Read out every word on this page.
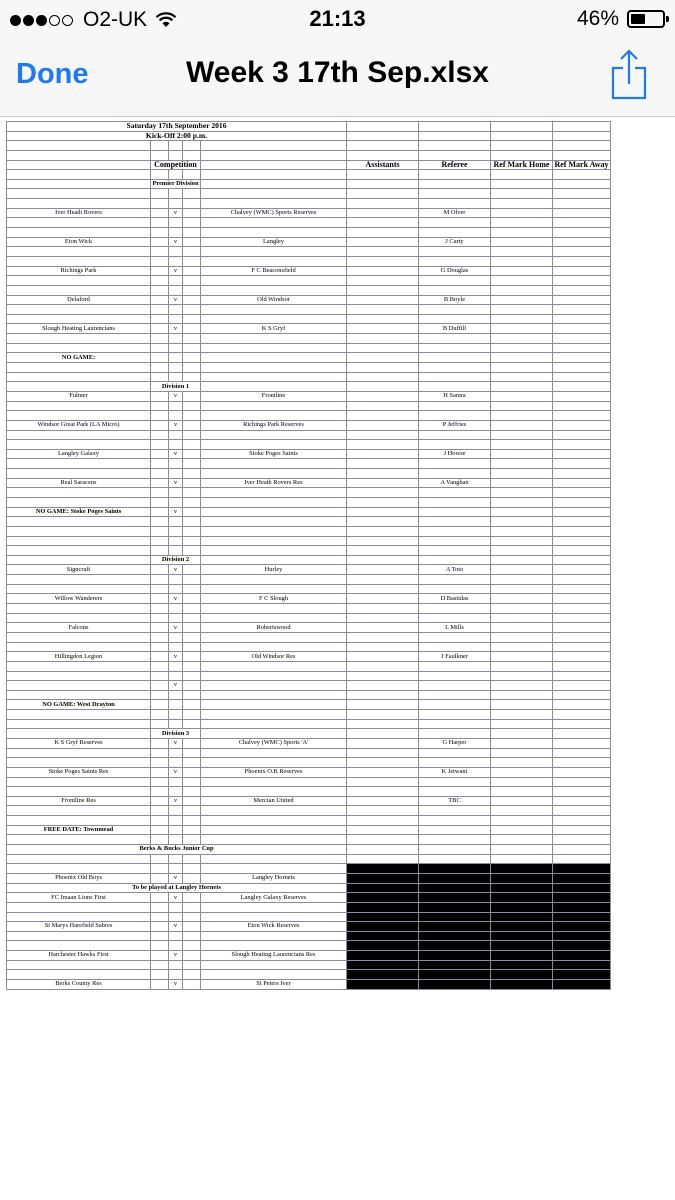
O2-UK	21:13	46%
Done	Week 3 17th Sep.xlsx
Saturday 17th September 2016								
Kick-Off 2:00 p.m.								

	Competition				Assistants	Referee	Ref Mark Home	Ref Mark Away

	Premier Division							

Iver Heath Rovers		v		Chalvey (WMC) Sports Reserves		M Olver		

Eton Wick		v		Langley		J Carty		

Richings Park		v		F C Beaconsfield		G Douglas		

Delaford		v		Old Windsor		B Boyle		

Slough Heating Laurencians		v		K S Gryf		B Duffill		

NO GAME:								

	Division 1							
Fulmer		v		Frontline		H Samra		

Windsor Great Park (LA Micro)		v		Richings Park Reserves		P Jeffries		

Langley Galaxy		v		Stoke Poges Saints		J Howse		

Real Saracens		v		Iver Heath Rovers Res		A Vaughan		

NO GAME: Stoke Poges Saints		v						

	Division 2							
Signcraft		v		Hurley		A Toto		

Willow Wanderers		v		F C Slough		D Bastidas		

Falcons		v		Robertswood		L Mills		

Hillingdon Legion		v		Old Windsor Res		J Faulkner		

		v						

NO GAME: West Drayton								

	Division 3							
K S Gryf Reserves		v		Chalvey (WMC) Sports 'A'		G Harper		

Stoke Poges Saints Res		v		Phoenix O.B Reserves		K Jetwani		

Frontline Res		v		Mercian United		TBC		

FREE DATE: Townmead								

Berks & Bucks Junior Cup								

Phoenix Old Boys		v		Langley Hornets				
To be played at Langley Hornets								
FC Imaan Lions First		v		Langley Galaxy Reserves				

St Marys Harefield Sabres		v		Eton Wick Reserves				

Harchester Hawks First		v		Slough Heating Laurencians Res				

Berks County Res		v		St Peters Iver				
